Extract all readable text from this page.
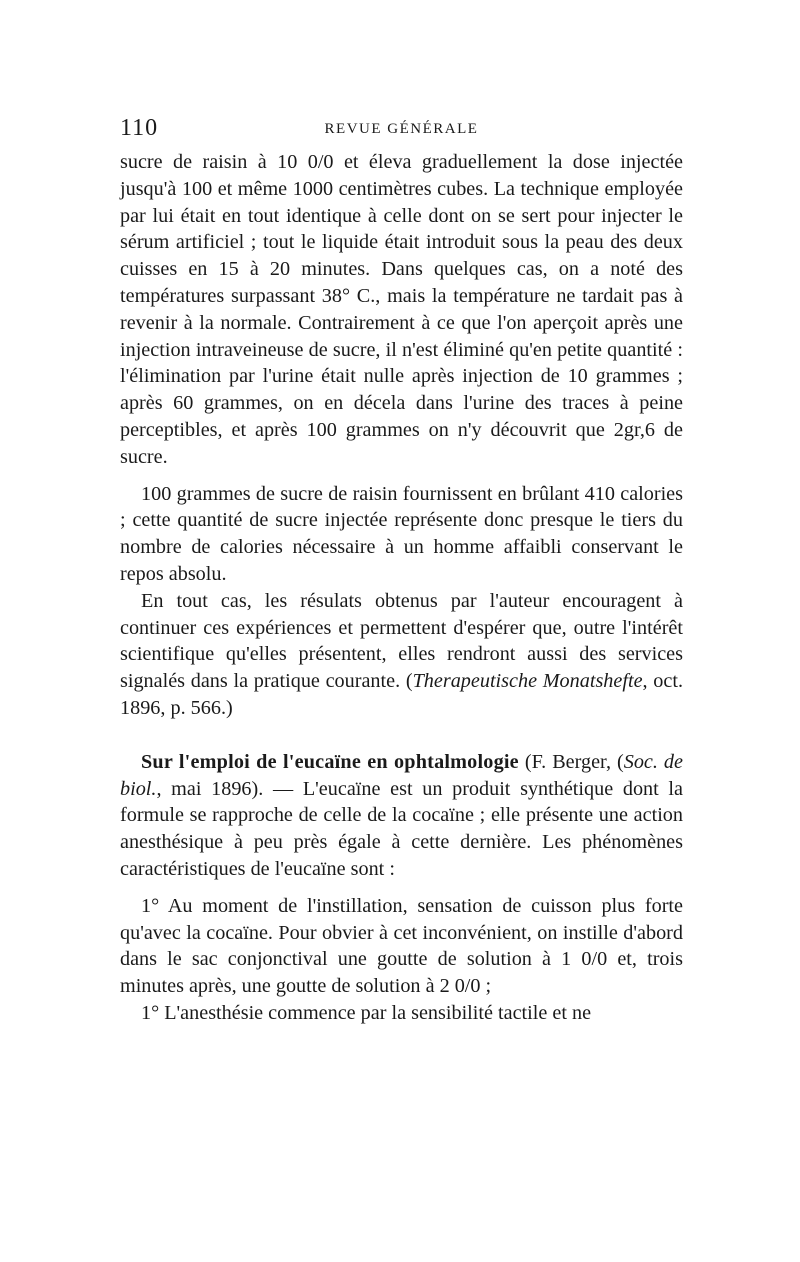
110	REVUE GÉNÉRALE

sucre de raisin à 10 0/0 et éleva graduellement la dose injectée jusqu'à 100 et même 1000 centimètres cubes. La technique employée par lui était en tout identique à celle dont on se sert pour injecter le sérum artificiel ; tout le liquide était introduit sous la peau des deux cuisses en 15 à 20 minutes. Dans quelques cas, on a noté des températures surpassant 38° C., mais la température ne tardait pas à revenir à la normale. Contrairement à ce que l'on aperçoit après une injection intraveineuse de sucre, il n'est éliminé qu'en petite quantité : l'élimination par l'urine était nulle après injection de 10 grammes ; après 60 grammes, on en décela dans l'urine des traces à peine perceptibles, et après 100 grammes on n'y découvrit que 2gr,6 de sucre.

100 grammes de sucre de raisin fournissent en brûlant 410 calories ; cette quantité de sucre injectée représente donc presque le tiers du nombre de calories nécessaire à un homme affaibli conservant le repos absolu.

En tout cas, les résulats obtenus par l'auteur encouragent à continuer ces expériences et permettent d'espérer que, outre l'intérêt scientifique qu'elles présentent, elles rendront aussi des services signalés dans la pratique courante. (Therapeutische Monatshefte, oct. 1896, p. 566.)

Sur l'emploi de l'eucaïne en ophtalmologie (F. Berger, (Soc. de biol., mai 1896). — L'eucaïne est un produit synthétique dont la formule se rapproche de celle de la cocaïne ; elle présente une action anesthésique à peu près égale à cette dernière. Les phénomènes caractéristiques de l'eucaïne sont :

1° Au moment de l'instillation, sensation de cuisson plus forte qu'avec la cocaïne. Pour obvier à cet inconvénient, on instille d'abord dans le sac conjonctival une goutte de solution à 1 0/0 et, trois minutes après, une goutte de solution à 2 0/0 ;

1° L'anesthésie commence par la sensibilité tactile et ne
